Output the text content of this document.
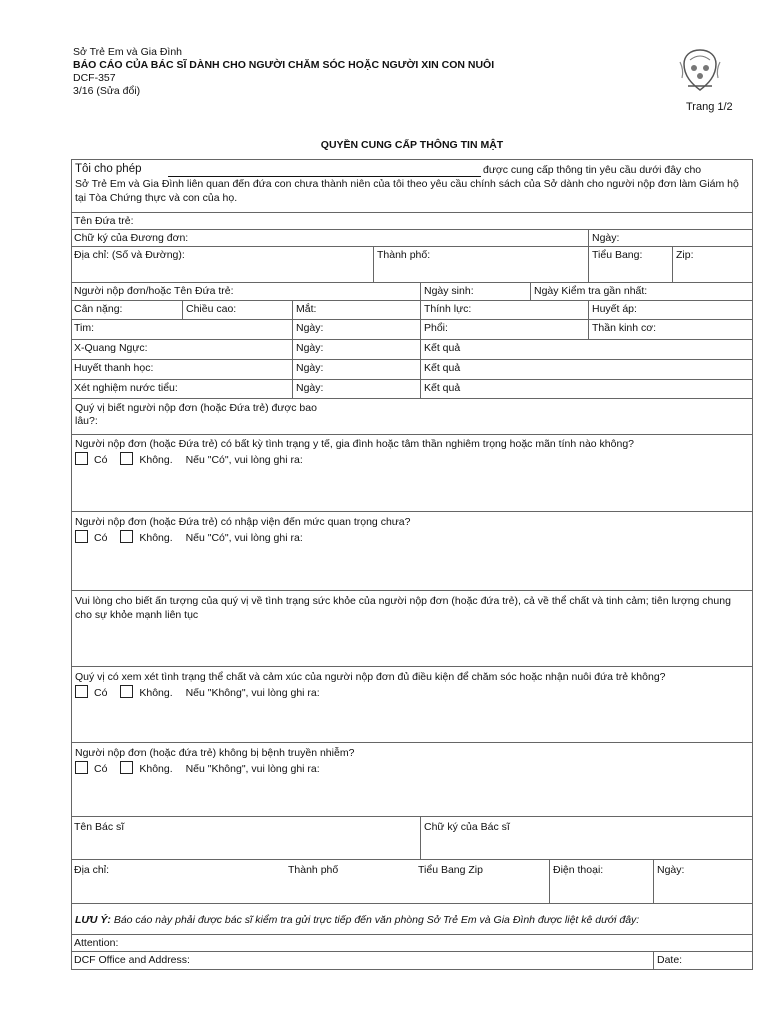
Sở Trẻ Em và Gia Đình
BÁO CÁO CỦA BÁC SĨ DÀNH CHO NGƯỜI CHĂM SÓC HOẶC NGƯỜI XIN CON NUÔI
DCF-357
3/16 (Sửa đổi)
Trang 1/2
QUYỀN CUNG CẤP THÔNG TIN MẬT
Tôi cho phép	được cung cấp thông tin yêu cầu dưới đây cho
Sở Trẻ Em và Gia Đình liên quan đến đứa con chưa thành niên của tôi theo yêu cầu chính sách của Sở dành cho người nộp đơn làm Giám hộ
tại Tòa Chứng thực và con của họ.
Tên Đứa trẻ:
Chữ ký của Đương đơn:	Ngày:
Địa chỉ: (Số và Đường):	Thành phố:	Tiểu Bang:	Zip:
Người nộp đơn/hoặc Tên Đứa trẻ:	Ngày sinh:	Ngày Kiểm tra gần nhất:
Cân nặng:	Chiều cao:	Mắt:	Thính lực:	Huyết áp:
Tim:	Ngày:	Phổi:	Thần kinh cơ:
X-Quang Ngực:	Ngày:	Kết quả
Huyết thanh học:	Ngày:	Kết quả
Xét nghiệm nước tiểu:	Ngày:	Kết quả
Quý vị biết người nộp đơn (hoặc Đứa trẻ) được bao
lâu?:
Người nộp đơn (hoặc Đứa trẻ) có bất kỳ tình trạng y tế, gia đình hoặc tâm thần nghiêm trọng hoặc mãn tính nào không?
Có	Không. Nếu "Có", vui lòng ghi ra:
Người nộp đơn (hoặc Đứa trẻ) có nhập viện đến mức quan trọng chưa?
Có	Không. Nếu "Có", vui lòng ghi ra:
Vui lòng cho biết ấn tượng của quý vị về tình trạng sức khỏe của người nộp đơn (hoặc đứa trẻ), cả về thể chất và tinh cảm; tiên lượng chung
cho sự khỏe mạnh liên tục
Quý vị có xem xét tình trạng thể chất và cảm xúc của người nộp đơn đủ điều kiện để chăm sóc hoặc nhận nuôi đứa trẻ không?
Có	Không. Nếu "Không", vui lòng ghi ra:
Người nộp đơn (hoặc đứa trẻ) không bị bệnh truyền nhiễm?
Có	Không. Nếu "Không", vui lòng ghi ra:
Tên Bác sĩ	Chữ ký của Bác sĩ
Địa chỉ:	Thành phố	Tiểu Bang Zip	Điện thoại:	Ngày:
LƯU Ý: Báo cáo này phải được bác sĩ kiểm tra gửi trực tiếp đến văn phòng Sở Trẻ Em và Gia Đình được liệt kê dưới đây:
Attention:
DCF Office and Address:	Date:
